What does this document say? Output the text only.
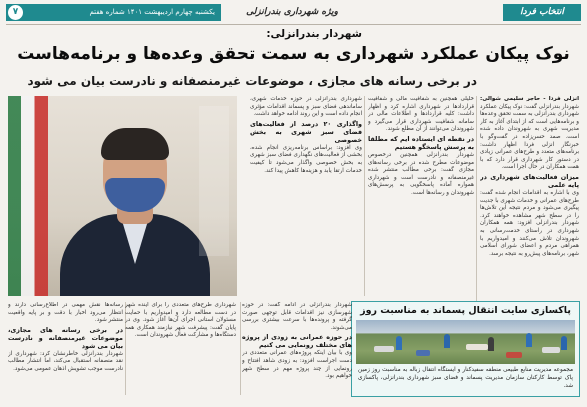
انتخاب فردا
ویژه شهرداری بندرانزلی
یکشنبه چهارم اردیبهشت ۱۴۰۱ شماره هفتم
۷
شهردار بندرانزلی:
نوک پیکان عملکرد شهرداری به سمت تحقق وعده‌ها و برنامه‌هاست
در برخی رسانه های مجازی ، موضوعات غیرمنصفانه و نادرست بیان می شود
انزلی فردا - حاجر سلیمی شوالی: شهردار بندرانزلی گفت: نوک پیکان عملکرد شهرداری بندرانزلی به سمت تحقق وعده‌ها و برنامه‌هایی است که از ابتدای آغاز به کار مدیریت شهری به شهروندان داده شده است. صمد حسن‌زاده در گفت‌وگو با خبرنگار انزلی فردا اظهار داشت: برنامه‌های متعدد و طرح‌های عمرانی زیادی در دستور کار شهرداری قرار دارد که با همت همکاران در حال اجرا است.
میزان فعالیت‌های شهرداری در پایه علمی
وی با اشاره به اقدامات انجام شده گفت: طرح‌های عمرانی و خدمات شهری با جدیت پیگیری می‌شود و مردم نتیجه این تلاش‌ها را در سطح شهر مشاهده خواهند کرد. شهردار بندرانزلی افزود: همه همکاران شهرداری در راستای خدمت‌رسانی به شهروندان تلاش می‌کنند و امیدواریم با همراهی مردم و اعضای شورای اسلامی شهر، برنامه‌های پیش‌رو به نتیجه برسد.
خلیلی همچنین به شفافیت مالی و شفافیت قراردادها در شهرداری اشاره کرد و اظهار داشت: کلیه قراردادها و اطلاعات مالی در سامانه شفافیت شهرداری قرار می‌گیرد و شهروندان می‌توانند از آن مطلع شوند.
در نقطه ای ایستاده ایم که مطلقا به پرسش پاسخگو هستیم
شهردار بندرانزلی همچنین درخصوص موضوعات مطرح شده در برخی رسانه‌های مجازی گفت: برخی مطالب منتشر شده غیرمنصفانه و نادرست است و شهرداری همواره آماده پاسخگویی به پرسش‌های شهروندان و رسانه‌ها است.
شهرداری بندرانزلی در حوزه خدمات شهری، ساماندهی فضای سبز و پسماند اقدامات مؤثری انجام داده است و این روند ادامه خواهد داشت.
واگذاری ۲۰ درصد از فعالیت‌های فضای سبز شهری به بخش خصوصی
وی افزود: براساس برنامه‌ریزی انجام شده، بخشی از فعالیت‌های نگهداری فضای سبز شهری به بخش خصوصی واگذار می‌شود تا کیفیت خدمات ارتقا یابد و هزینه‌ها کاهش پیدا کند.
پاکسازی سایت انتقال پسماند به مناسبت روز
مجموعه مدیریت منابع طبیعی منطقه سفیدکنار و ایستگاه انتقال زباله به مناسبت روز زمین پاک توسط کارکنان سازمان مدیریت پسماند و فضای سبز شهرداری بندرانزلی، پاکسازی شد.
شهردار بندرانزلی در ادامه گفت: در حوزه شهرسازی نیز اقدامات قابل توجهی صورت گرفته و پرونده‌ها با سرعت بیشتری بررسی می‌شوند.
در حوزه عمرانی به زودی از پروژه های مختلف رونمایی می کنیم
وی با بیان اینکه پروژه‌های عمرانی متعددی در دست اجراست افزود: به زودی شاهد افتتاح و رونمایی از چند پروژه مهم در سطح شهر خواهیم بود.
شهرداری طرح‌های متعددی را برای آینده شهر در دست مطالعه دارد و امیدواریم با حمایت مسئولان استانی اجرای آن‌ها آغاز شود. وی در پایان گفت: پیشرفت شهر نیازمند همکاری همه دستگاه‌ها و مشارکت فعال شهروندان است.
رسانه‌ها نقش مهمی در اطلاع‌رسانی دارند و انتظار می‌رود اخبار با دقت و بر پایه واقعیت منتشر شود.
در برخی رسانه های مجازی، موضوعات غیرمنصفانه و نادرست بیان می شود
شهردار بندرانزلی خاطرنشان کرد: شهرداری از نقد منصفانه استقبال می‌کند، اما انتشار مطالب نادرست موجب تشویش اذهان عمومی می‌شود.
